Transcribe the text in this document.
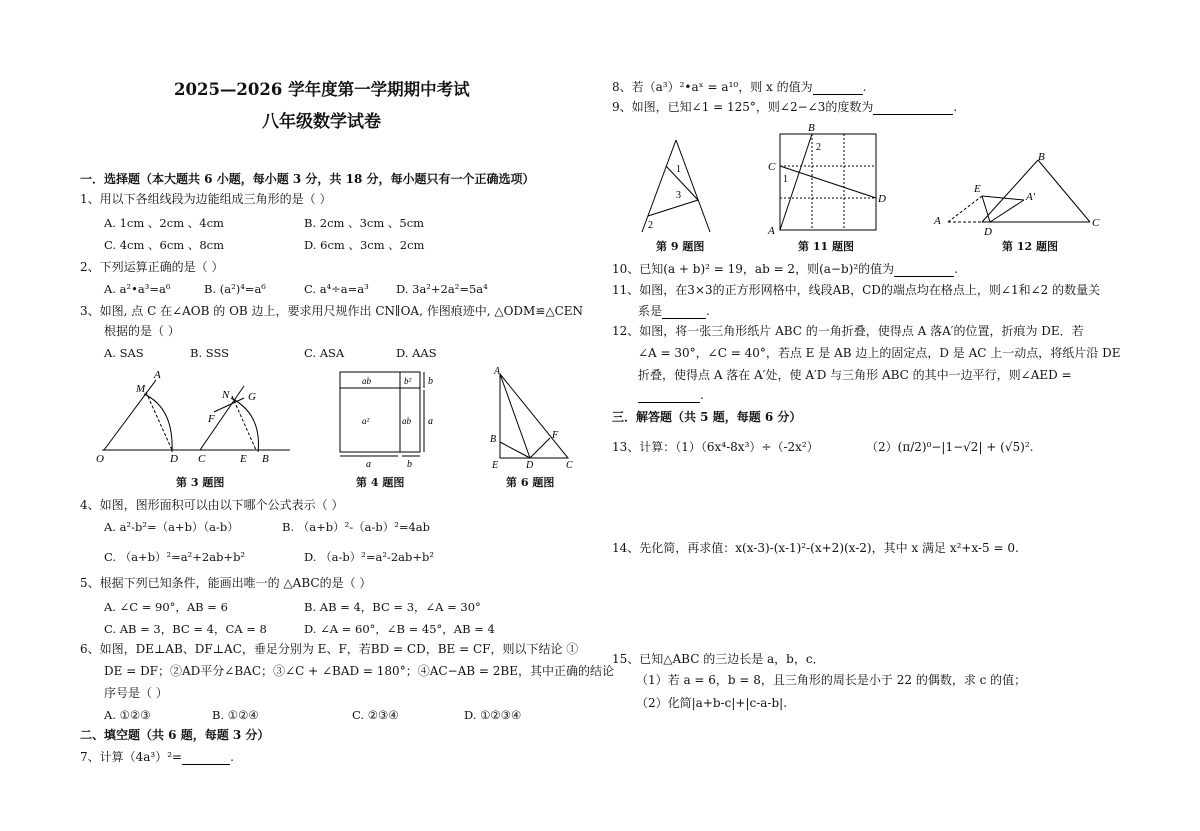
2025—2026 学年度第一学期期中考试
八年级数学试卷
一．选择题（本大题共 6 小题，每小题 3 分，共 18 分，每小题只有一个正确选项）
1、用以下各组线段为边能组成三角形的是（ ）
A. 1cm 、2cm 、4cm	B. 2cm 、3cm 、5cm
C. 4cm 、6cm 、8cm	D. 6cm 、3cm 、2cm
2、下列运算正确的是（ ）
A. a²•a³=a⁶	B. (a²)⁴=a⁶	C. a⁴÷a=a³ D. 3a²+2a²=5a⁴
3、如图, 点 C 在∠AOB 的 OB 边上，要求用尺规作出 CN∥OA, 作图痕迹中, △ODM≌△CEN
根据的是（ ）
A. SAS	B. SSS	C. ASA	D. AAS
A
M
O	D
N G
F
C	E B
第 3 题图
ab	b²
a²	ab
b
a
a	b
第 4 题图
A
B	F
E	D	C
第 6 题图
4、如图，图形面积可以由以下哪个公式表示（ ）
A. a²-b²=（a+b）（a-b）	B. （a+b）²-（a-b）²=4ab
C. （a+b）²=a²+2ab+b²	D. （a-b）²=a²-2ab+b²
5、根据下列已知条件，能画出唯一的 △ABC的是（ ）
A. ∠C = 90°，AB = 6	B. AB = 4，BC = 3，∠A = 30°
C. AB = 3，BC = 4，CA = 8	D. ∠A = 60°，∠B = 45°，AB = 4
6、如图，DE⊥AB、DF⊥AC，垂足分别为 E、F，若BD = CD，BE = CF，则以下结论 ①
DE = DF；②AD平分∠BAC；③∠C + ∠BAD = 180°；④AC−AB = 2BE，其中正确的结论
序号是（ ）
A. ①②③	B. ①②④	C. ②③④	D. ①②③④
二、填空题（共 6 题，每题 3 分）
7、计算（4a³）²=	.
8、若（a³）²•aˣ = a¹⁰，则 x 的值为	.
9、如图，已知∠1 = 125°，则∠2−∠3的度数为	.
1
3
2
第 9 题图
B
2
C
1
D
A
第 11 题图
B
E
A′
A
D
C
第 12 题图
10、已知(a + b)² = 19，ab = 2，则(a−b)²的值为	.
11、如图，在3×3的正方形网格中，线段AB，CD的端点均在格点上，则∠1和∠2 的数量关
系是	.
12、如图，将一张三角形纸片 ABC 的一角折叠，使得点 A 落A′的位置，折痕为 DE．若
∠A = 30°，∠C = 40°，若点 E 是 AB 边上的固定点，D 是 AC 上一动点，将纸片沿 DE
折叠，使得点 A 落在 A′处，使 A′D 与三角形 ABC 的其中一边平行，则∠AED =
.
三．解答题（共 5 题，每题 6 分）
13、计算：（1）（6x⁴-8x³）÷（-2x²）	（2）(π/2)⁰−|1−√2| + (√5)².
14、先化简，再求值：x(x-3)-(x-1)²-(x+2)(x-2)，其中 x 满足 x²+x-5 = 0.
15、已知△ABC 的三边长是 a，b，c．
（1）若 a = 6，b = 8，且三角形的周长是小于 22 的偶数，求 c 的值；
（2）化简|a+b-c|+|c-a-b|.
